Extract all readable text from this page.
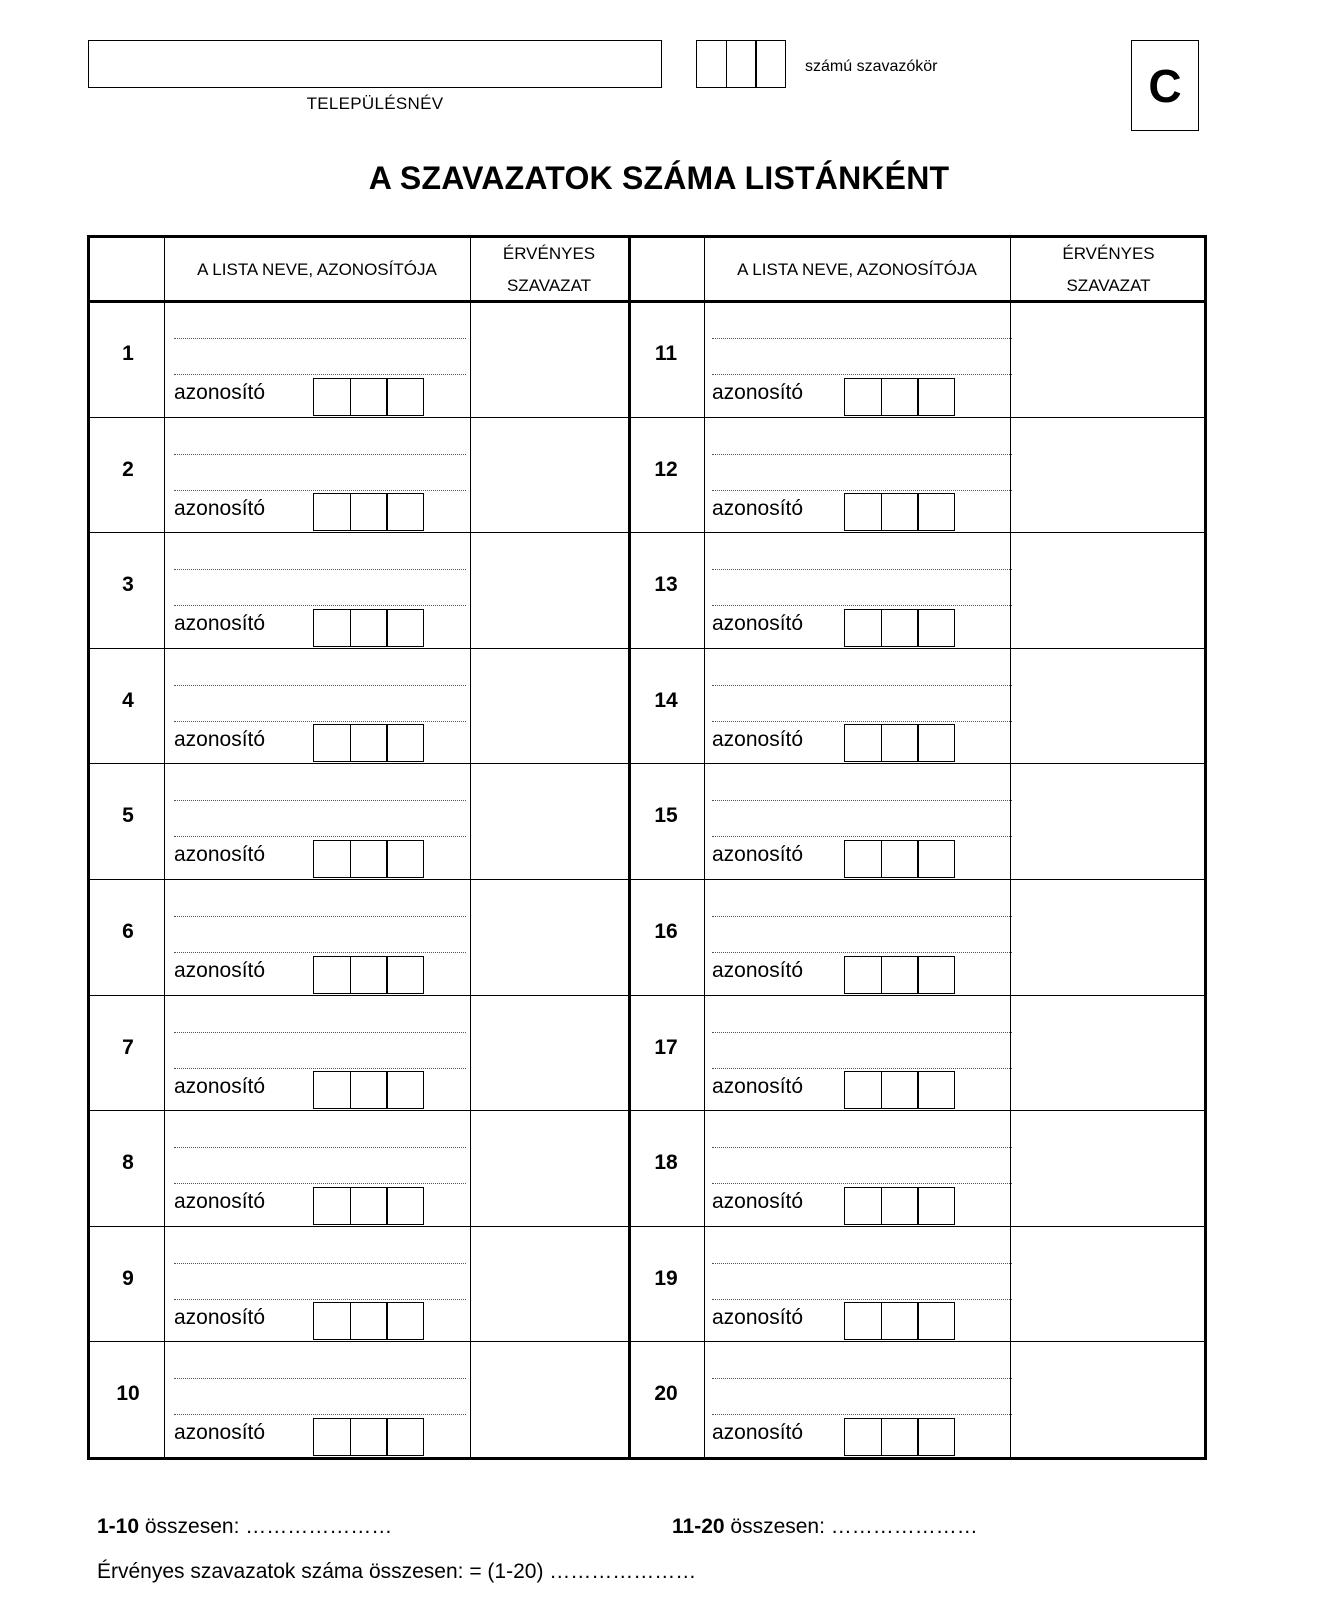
TELEPÜLÉSNÉV
számú szavazókör	C
A SZAVAZATOK SZÁMA LISTÁNKÉNT
A LISTA NEVE, AZONOSÍTÓJA
ÉRVÉNYES
SZAVAZAT
A LISTA NEVE, AZONOSÍTÓJA
ÉRVÉNYES
SZAVAZAT
1
azonosító
11
azonosító
2
azonosító
12
azonosító
3
azonosító
13
azonosító
4
azonosító
14
azonosító
5
azonosító
15
azonosító
6
azonosító
16
azonosító
7
azonosító
17
azonosító
8
azonosító
18
azonosító
9
azonosító
19
azonosító
10
azonosító
20
azonosító
1-10 összesen: …………………	11-20 összesen: …………………
Érvényes szavazatok száma összesen: = (1-20) …………………
